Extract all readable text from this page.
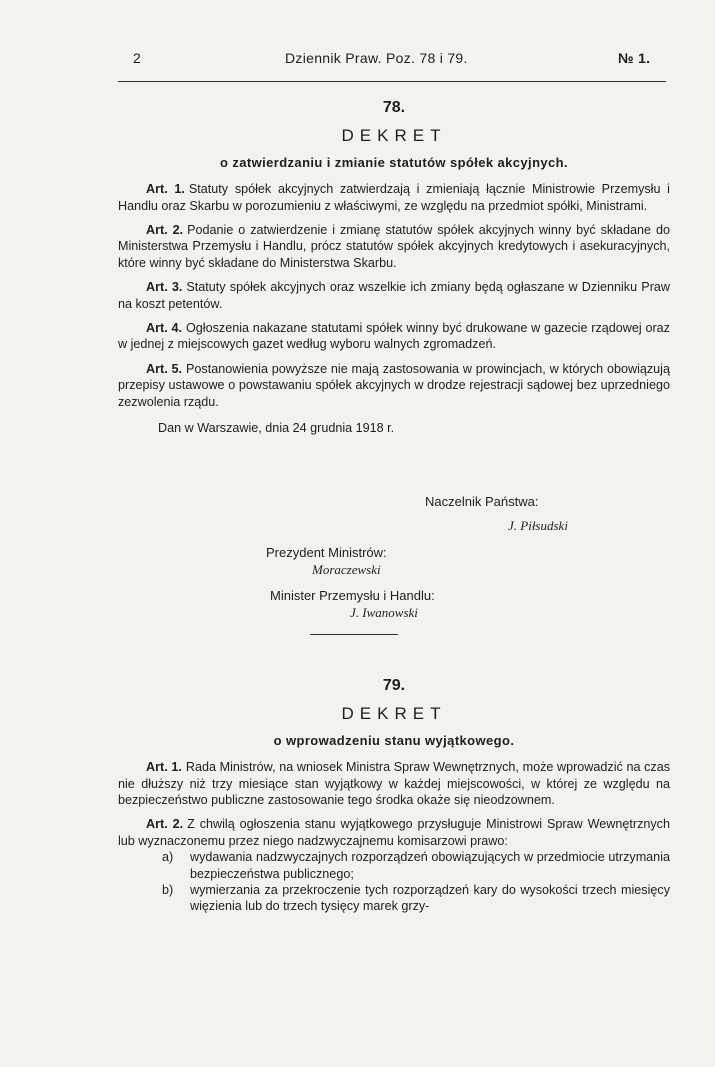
2	Dziennik Praw. Poz. 78 i 79.	№ 1.
78.
DEKRET
o zatwierdzaniu i zmianie statutów spółek akcyjnych.

Art. 1. Statuty spółek akcyjnych zatwierdzają i zmieniają łącznie Ministrowie Przemysłu i Handlu oraz Skarbu w porozumieniu z właściwymi, ze względu na przedmiot spółki, Ministrami.

Art. 2. Podanie o zatwierdzenie i zmianę statutów spółek akcyjnych winny być składane do Ministerstwa Przemysłu i Handlu, prócz statutów spółek akcyjnych kredytowych i asekuracyjnych, które winny być składane do Ministerstwa Skarbu.

Art. 3. Statuty spółek akcyjnych oraz wszelkie ich zmiany będą ogłaszane w Dzienniku Praw na koszt petentów.

Art. 4. Ogłoszenia nakazane statutami spółek winny być drukowane w gazecie rządowej oraz w jednej z miejscowych gazet według wyboru walnych zgromadzeń.

Art. 5. Postanowienia powyższe nie mają zastosowania w prowincjach, w których obowiązują przepisy ustawowe o powstawaniu spółek akcyjnych w drodze rejestracji sądowej bez uprzedniego zezwolenia rządu.

Dan w Warszawie, dnia 24 grudnia 1918 r.
Naczelnik Państwa:
J. Piłsudski
Prezydent Ministrów:
Moraczewski
Minister Przemysłu i Handlu:
J. Iwanowski
79.
DEKRET
o wprowadzeniu stanu wyjątkowego.

Art. 1. Rada Ministrów, na wniosek Ministra Spraw Wewnętrznych, może wprowadzić na czas nie dłuższy niż trzy miesiące stan wyjątkowy w każdej miejscowości, w której ze względu na bezpieczeństwo publiczne zastosowanie tego środka okaże się nieodzownem.

Art. 2. Z chwilą ogłoszenia stanu wyjątkowego przysługuje Ministrowi Spraw Wewnętrznych lub wyznaczonemu przez niego nadzwyczajnemu komisarzowi prawo:

a) wydawania nadzwyczajnych rozporządzeń obowiązujących w przedmiocie utrzymania bezpieczeństwa publicznego;

b) wymierzania za przekroczenie tych rozporządzeń kary do wysokości trzech miesięcy więzienia lub do trzech tysięcy marek grzy-
